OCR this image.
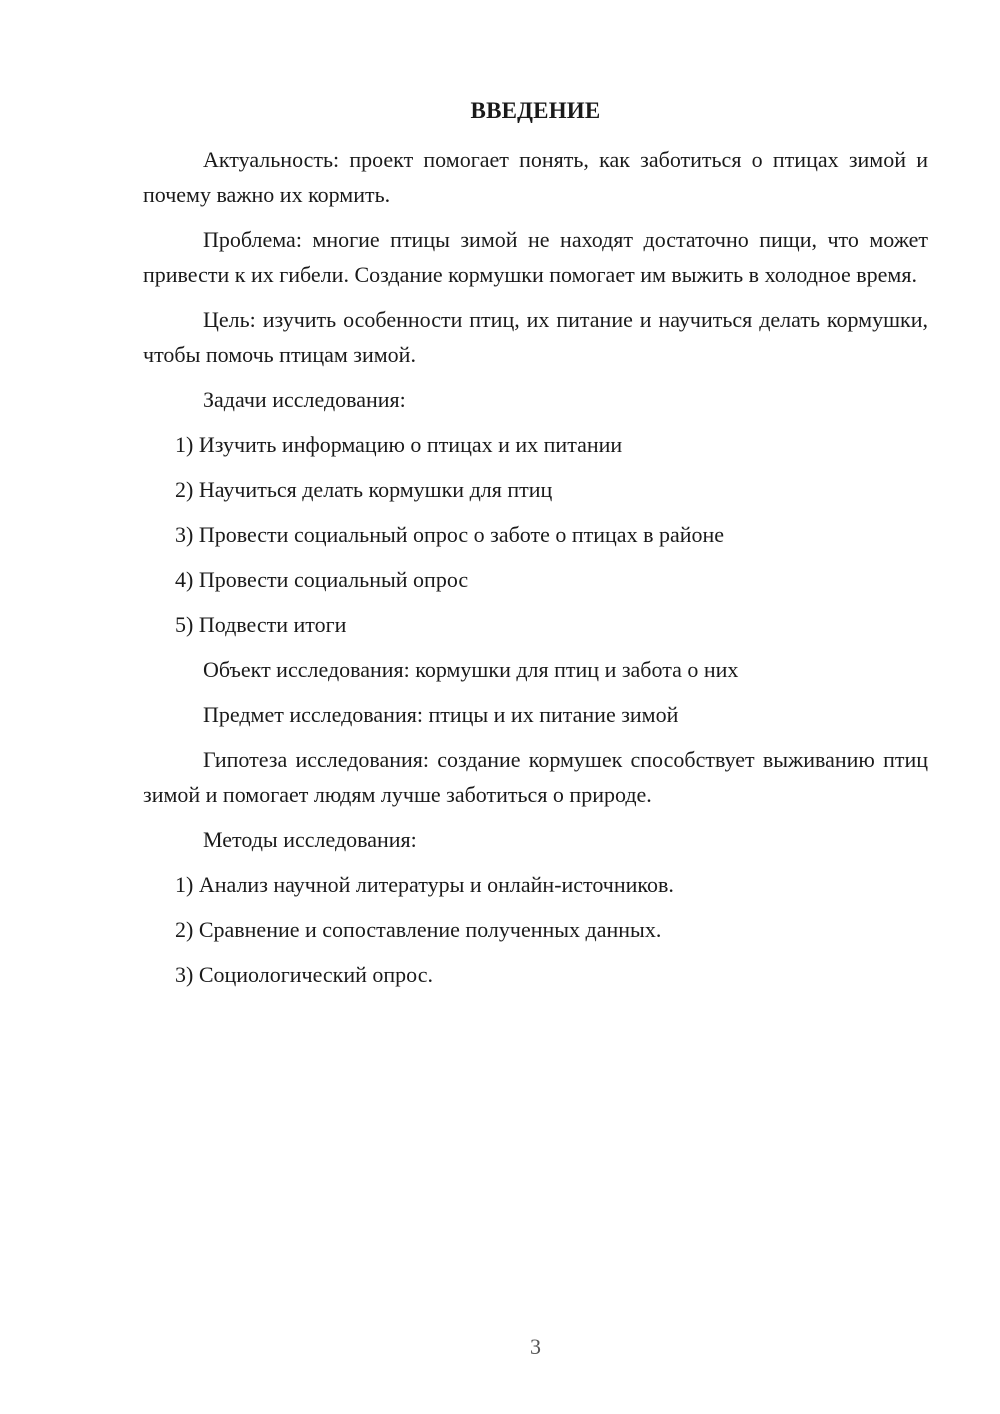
ВВЕДЕНИЕ

Актуальность: проект помогает понять, как заботиться о птицах зимой и почему важно их кормить.

Проблема: многие птицы зимой не находят достаточно пищи, что может привести к их гибели. Создание кормушки помогает им выжить в холодное время.

Цель: изучить особенности птиц, их питание и научиться делать кормушки, чтобы помочь птицам зимой.

Задачи исследования:

1) Изучить информацию о птицах и их питании

2) Научиться делать кормушки для птиц

3) Провести социальный опрос о заботе о птицах в районе

4) Провести социальный опрос

5) Подвести итоги

Объект исследования: кормушки для птиц и забота о них

Предмет исследования: птицы и их питание зимой

Гипотеза исследования: создание кормушек способствует выживанию птиц зимой и помогает людям лучше заботиться о природе.

Методы исследования:

1) Анализ научной литературы и онлайн-источников.

2) Сравнение и сопоставление полученных данных.

3) Социологический опрос.

3
